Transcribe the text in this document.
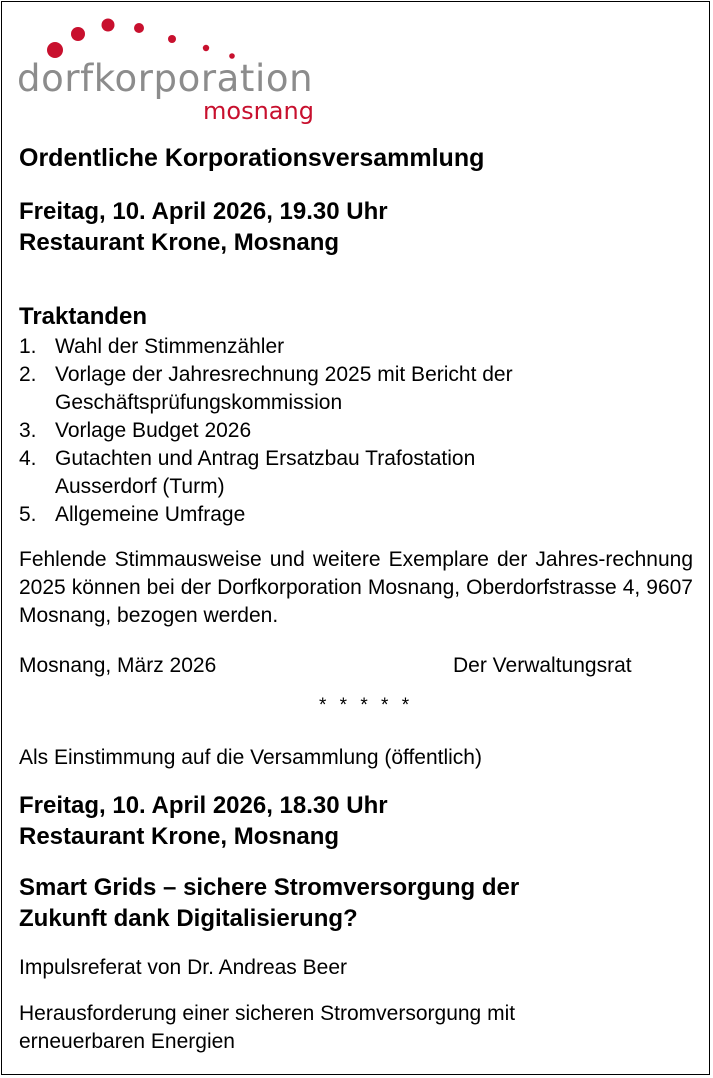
dorfkorporation
mosnang
Ordentliche Korporationsversammlung
Freitag, 10. April 2026, 19.30 Uhr
Restaurant Krone, Mosnang
Traktanden
1. Wahl der Stimmenzähler
2. Vorlage der Jahresrechnung 2025 mit Bericht der
Geschäftsprüfungskommission
3. Vorlage Budget 2026
4. Gutachten und Antrag Ersatzbau Trafostation
Ausserdorf (Turm)
5. Allgemeine Umfrage

Fehlende Stimmausweise und weitere Exemplare der Jahres-rechnung 2025 können bei der Dorfkorporation Mosnang, Oberdorfstrasse 4, 9607 Mosnang, bezogen werden.

Mosnang, März 2026	Der Verwaltungsrat
* * * * *
Als Einstimmung auf die Versammlung (öffentlich)
Freitag, 10. April 2026, 18.30 Uhr
Restaurant Krone, Mosnang
Smart Grids – sichere Stromversorgung der
Zukunft dank Digitalisierung?
Impulsreferat von Dr. Andreas Beer
Herausforderung einer sicheren Stromversorgung mit
erneuerbaren Energien
